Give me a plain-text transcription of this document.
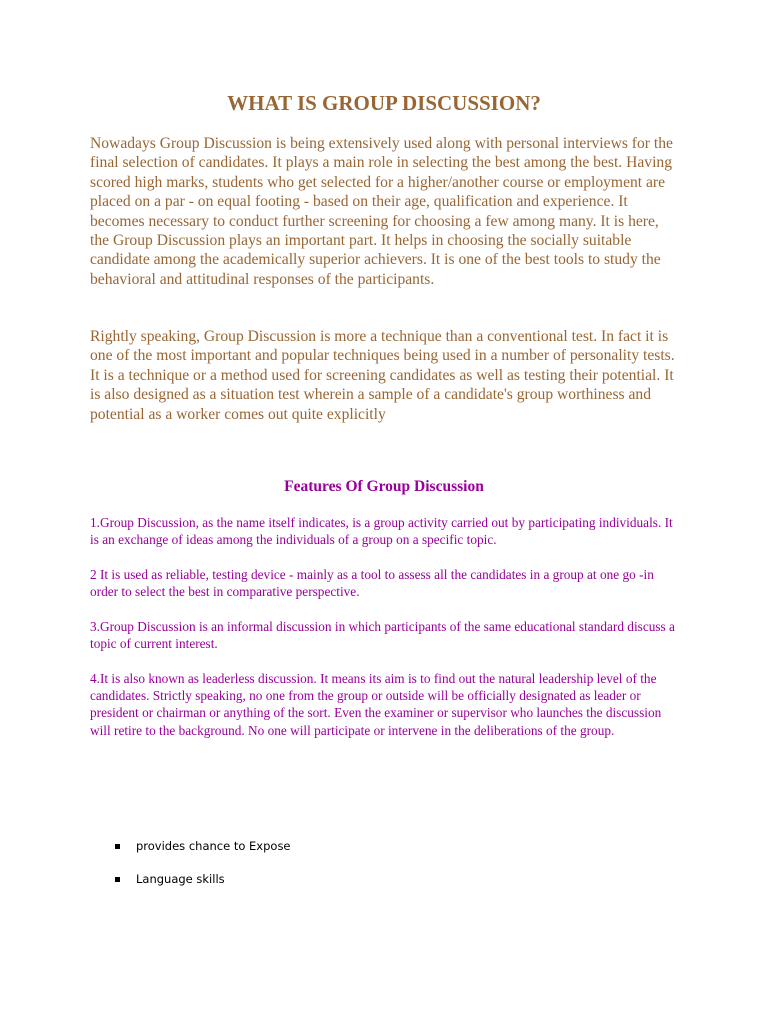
WHAT IS GROUP DISCUSSION?

Nowadays Group Discussion is being extensively used along with personal interviews for the final selection of candidates. It plays a main role in selecting the best among the best. Having scored high marks, students who get selected for a higher/another course or employment are placed on a par - on equal footing - based on their age, qualification and experience. It becomes necessary to conduct further screening for choosing a few among many. It is here, the Group Discussion plays an important part. It helps in choosing the socially suitable candidate among the academically superior achievers. It is one of the best tools to study the behavioral and attitudinal responses of the participants.

Rightly speaking, Group Discussion is more a technique than a conventional test. In fact it is one of the most important and popular techniques being used in a number of personality tests. It is a technique or a method used for screening candidates as well as testing their potential. It is also designed as a situation test wherein a sample of a candidate's group worthiness and potential as a worker comes out quite explicitly

Features Of Group Discussion

1.Group Discussion, as the name itself indicates, is a group activity carried out by participating individuals. It is an exchange of ideas among the individuals of a group on a specific topic.

2 It is used as reliable, testing device - mainly as a tool to assess all the candidates in a group at one go -in order to select the best in comparative perspective.

3.Group Discussion is an informal discussion in which participants of the same educational standard discuss a topic of current interest.

4.It is also known as leaderless discussion. It means its aim is to find out the natural leadership level of the candidates. Strictly speaking, no one from the group or outside will be officially designated as leader or president or chairman or anything of the sort. Even the examiner or supervisor who launches the discussion will retire to the background. No one will participate or intervene in the deliberations of the group.

provides chance to Expose
Language skills
